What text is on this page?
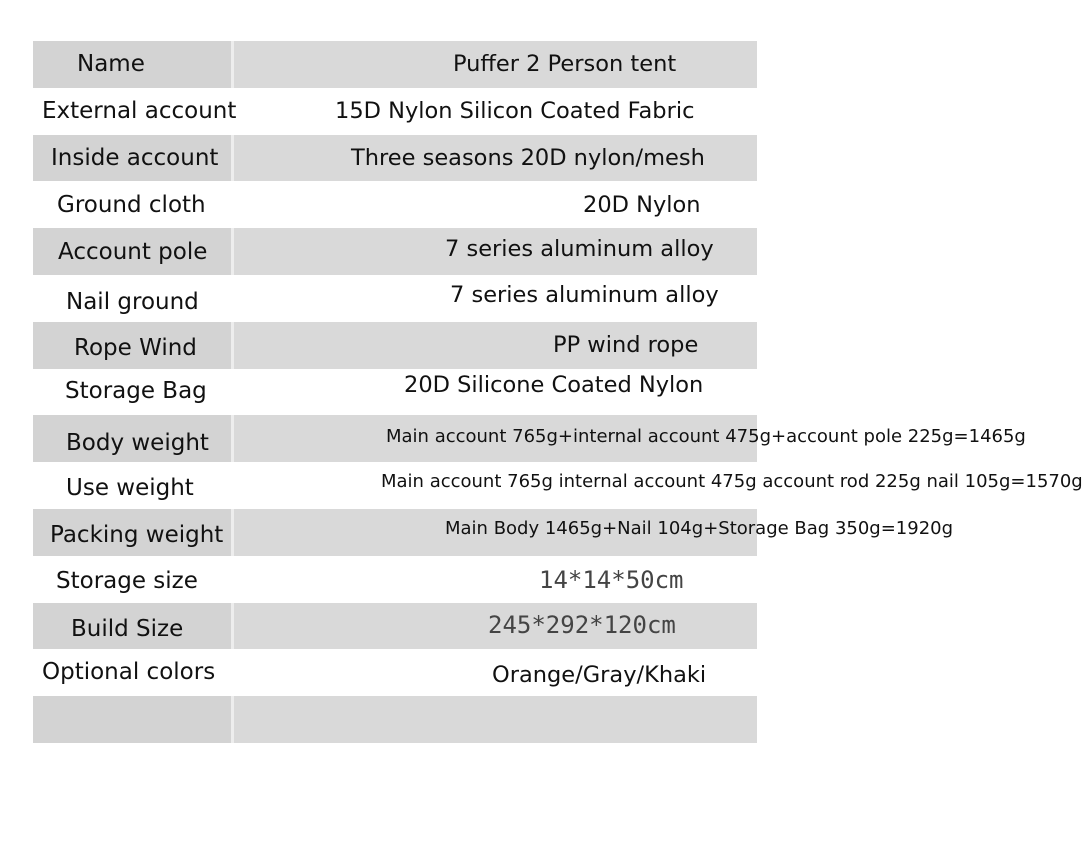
Name	Puffer 2 Person tent
External account	15D Nylon Silicon Coated Fabric
Inside account	Three seasons 20D nylon/mesh
Ground cloth	20D Nylon
Account pole	7 series aluminum alloy
Nail ground	7 series aluminum alloy
Rope Wind	PP wind rope
Storage Bag	20D Silicone Coated Nylon
Body weight	Main account 765g+internal account 475g+account pole 225g=1465g
Use weight	Main account 765g internal account 475g account rod 225g nail 105g=1570g
Packing weight	Main Body 1465g+Nail 104g+Storage Bag 350g=1920g
Storage size	14*14*50cm
Build Size	245*292*120cm
Optional colors	Orange/Gray/Khaki
